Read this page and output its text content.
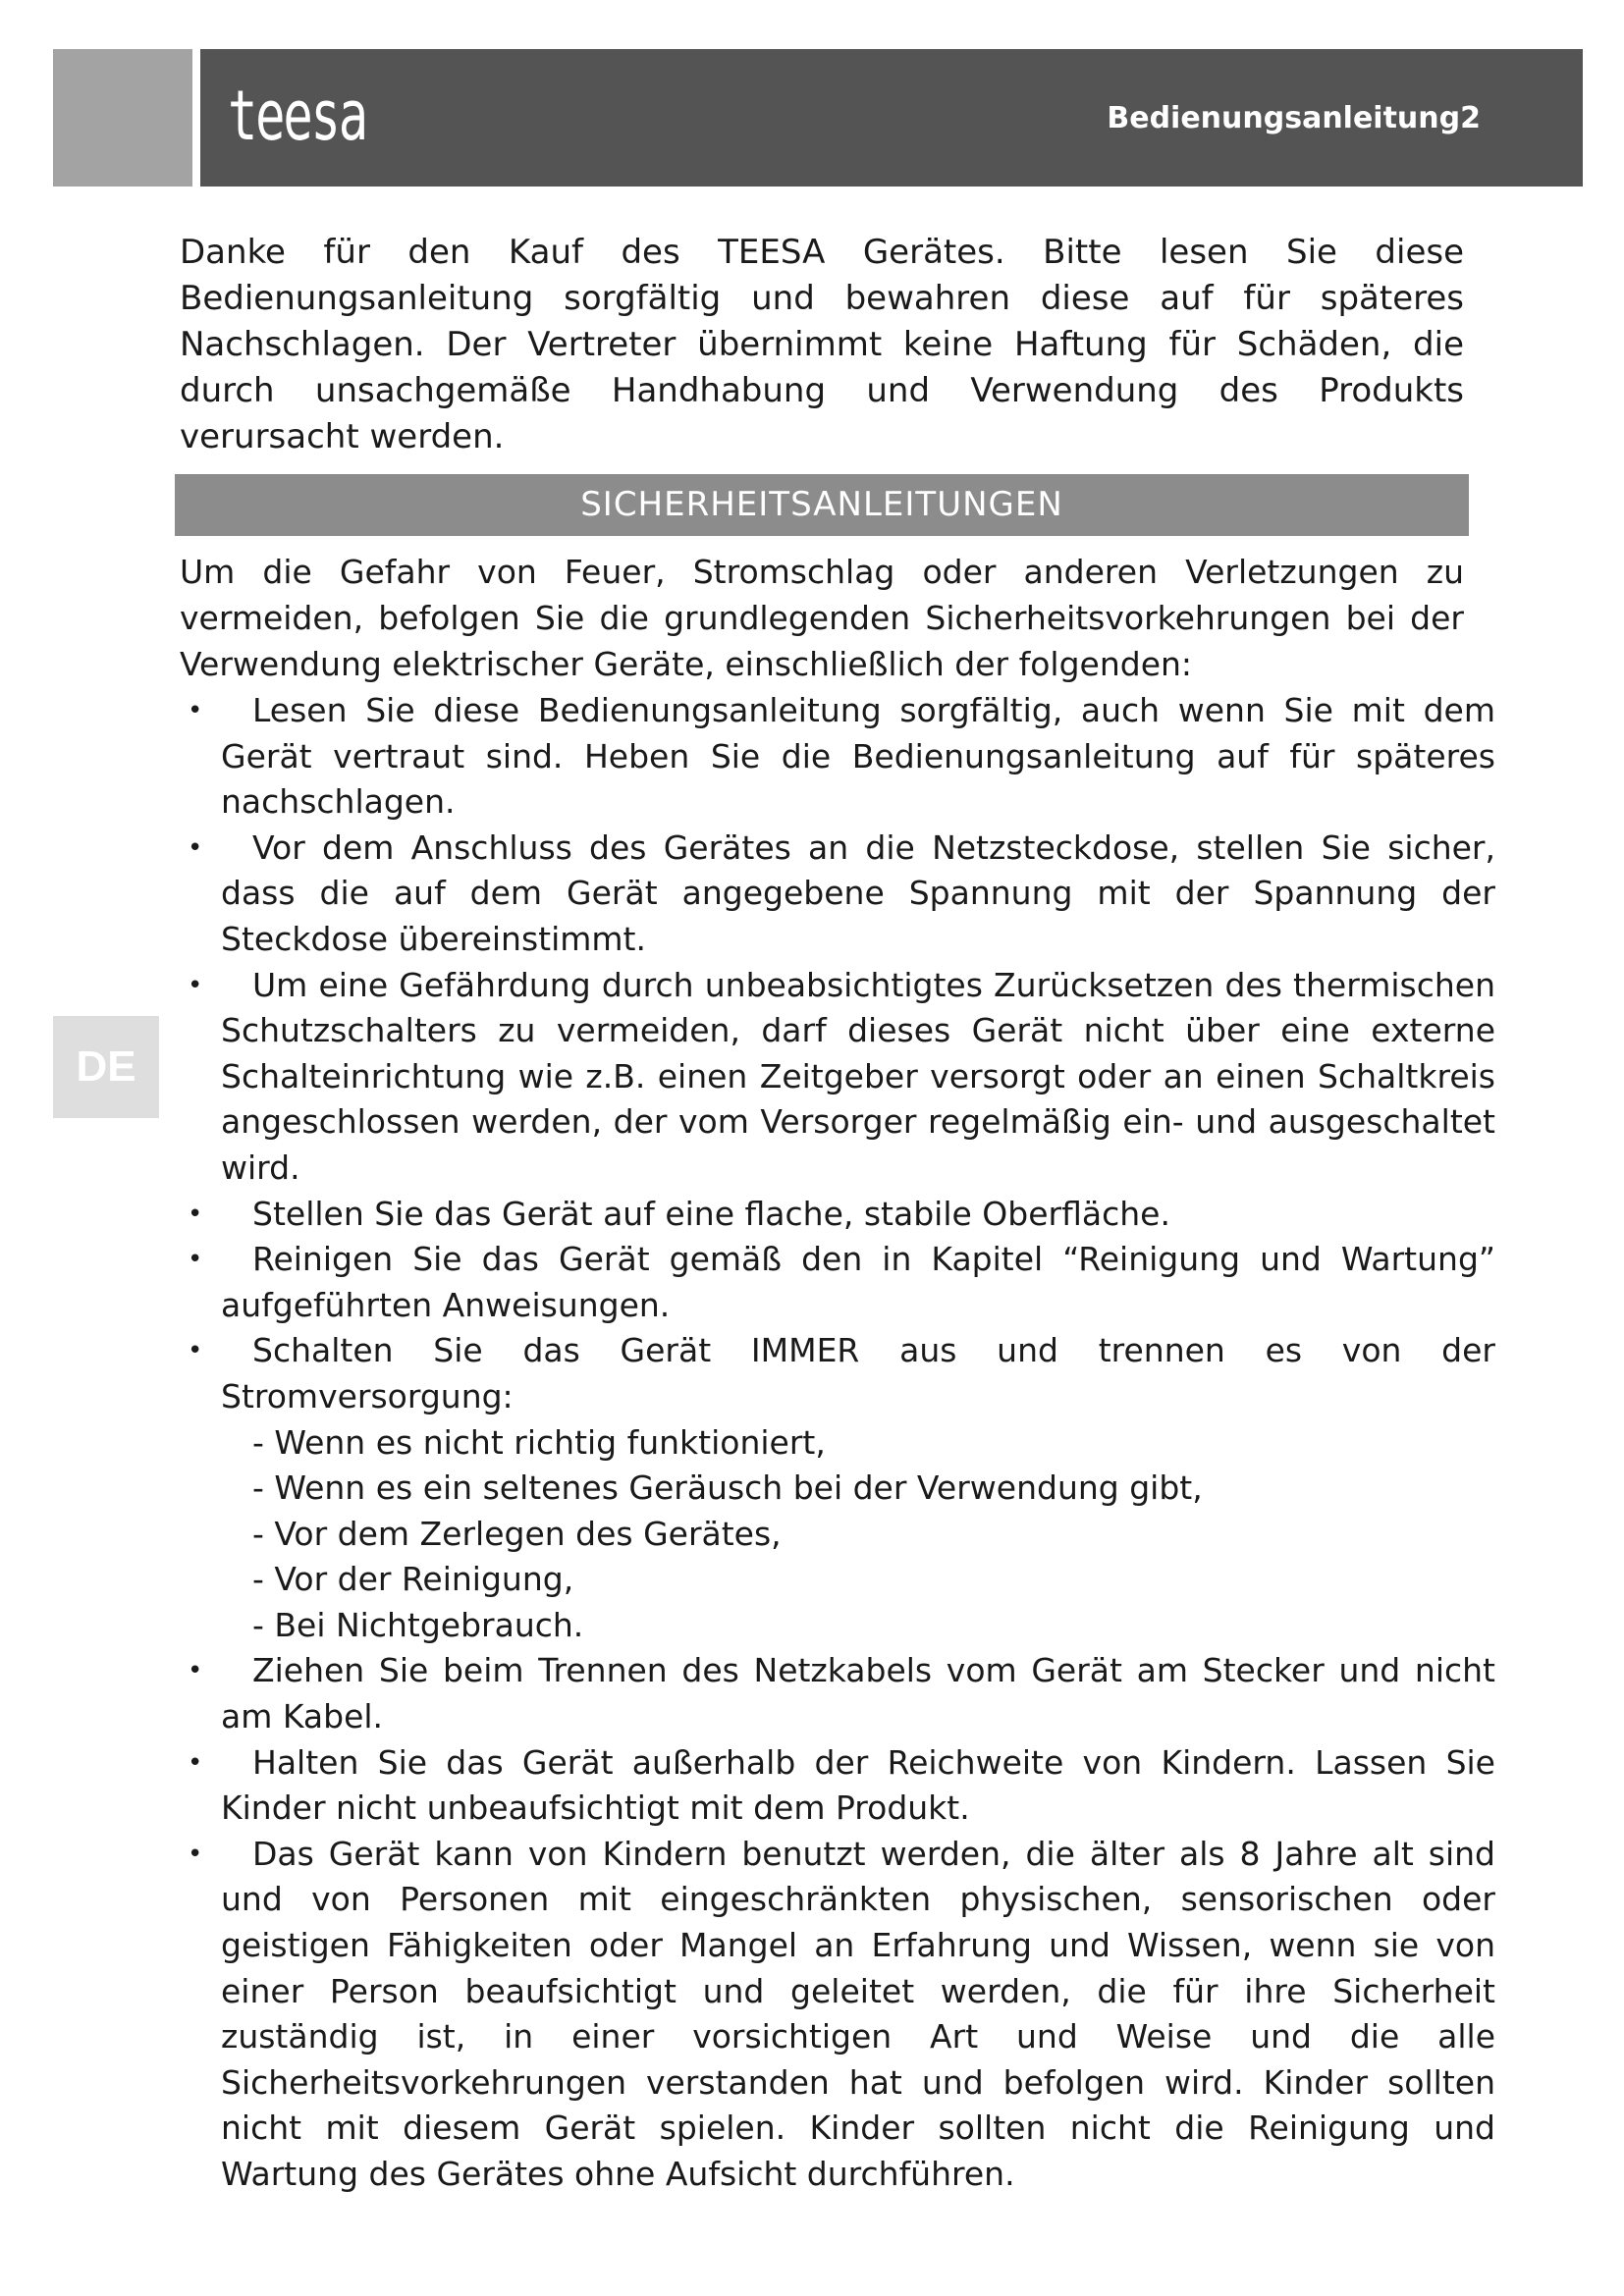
teesa	Bedienungsanleitung2
DE

Danke für den Kauf des TEESA Gerätes. Bitte lesen Sie diese Bedienungsanleitung sorgfältig und bewahren diese auf für späteres Nachschlagen. Der Vertreter übernimmt keine Haftung für Schäden, die durch unsachgemäße Handhabung und Verwendung des Produkts verursacht werden.

SICHERHEITSANLEITUNGEN

Um die Gefahr von Feuer, Stromschlag oder anderen Verletzungen zu vermeiden, befolgen Sie die grundlegenden Sicherheitsvorkehrungen bei der Verwendung elektrischer Geräte, einschließlich der folgenden:

• Lesen Sie diese Bedienungsanleitung sorgfältig, auch wenn Sie mit dem Gerät vertraut sind. Heben Sie die Bedienungsanleitung auf für späteres nachschlagen.
• Vor dem Anschluss des Gerätes an die Netzsteckdose, stellen Sie sicher, dass die auf dem Gerät angegebene Spannung mit der Spannung der Steckdose übereinstimmt.
• Um eine Gefährdung durch unbeabsichtigtes Zurücksetzen des thermischen Schutzschalters zu vermeiden, darf dieses Gerät nicht über eine externe Schalteinrichtung wie z.B. einen Zeitgeber versorgt oder an einen Schaltkreis angeschlossen werden, der vom Versorger regelmäßig ein- und ausgeschaltet wird.
• Stellen Sie das Gerät auf eine flache, stabile Oberfläche.
• Reinigen Sie das Gerät gemäß den in Kapitel “Reinigung und Wartung” aufgeführten Anweisungen.
• Schalten Sie das Gerät IMMER aus und trennen es von der Stromversorgung:
- Wenn es nicht richtig funktioniert,
- Wenn es ein seltenes Geräusch bei der Verwendung gibt,
- Vor dem Zerlegen des Gerätes,
- Vor der Reinigung,
- Bei Nichtgebrauch.
• Ziehen Sie beim Trennen des Netzkabels vom Gerät am Stecker und nicht am Kabel.
• Halten Sie das Gerät außerhalb der Reichweite von Kindern. Lassen Sie Kinder nicht unbeaufsichtigt mit dem Produkt.
• Das Gerät kann von Kindern benutzt werden, die älter als 8 Jahre alt sind und von Personen mit eingeschränkten physischen, sensorischen oder geistigen Fähigkeiten oder Mangel an Erfahrung und Wissen, wenn sie von einer Person beaufsichtigt und geleitet werden, die für ihre Sicherheit zuständig ist, in einer vorsichtigen Art und Weise und die alle Sicherheitsvorkehrungen verstanden hat und befolgen wird. Kinder sollten nicht mit diesem Gerät spielen. Kinder sollten nicht die Reinigung und Wartung des Gerätes ohne Aufsicht durchführen.
